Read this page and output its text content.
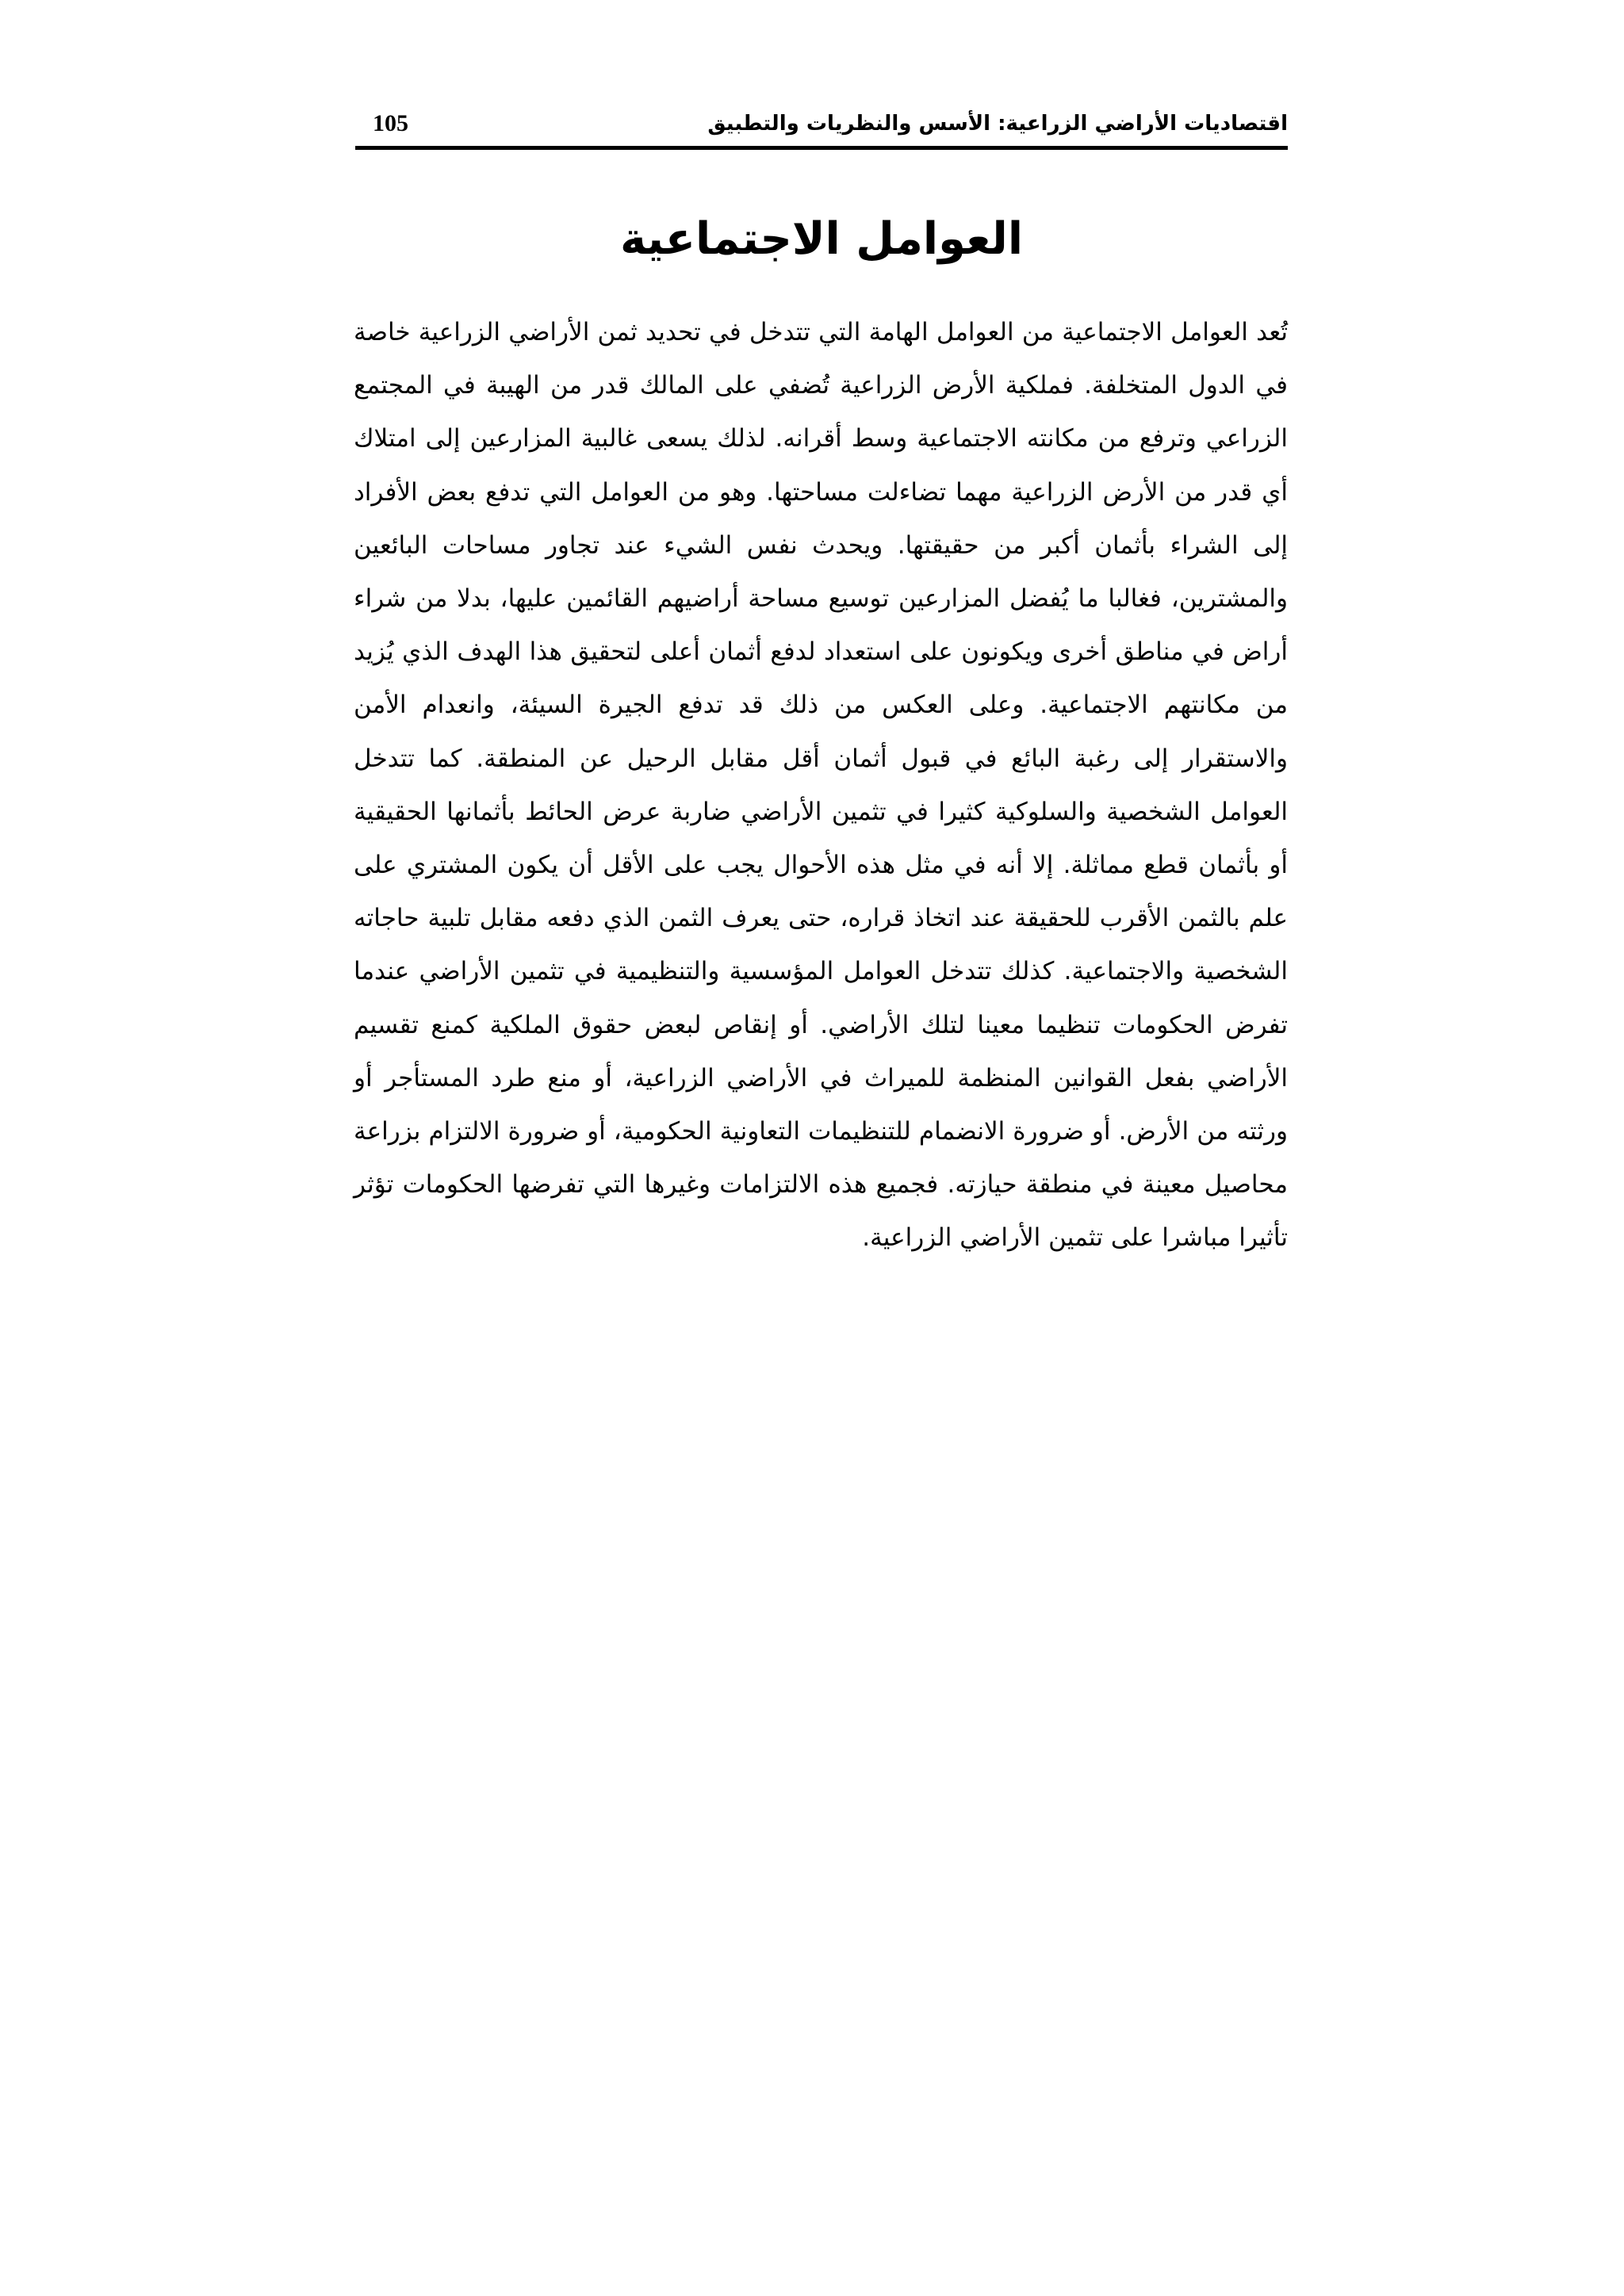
اقتصاديات الأراضي الزراعية: الأسس والنظريات والتطبيق
105
العوامل الاجتماعية

تُعد العوامل الاجتماعية من العوامل الهامة التي تتدخل في تحديد ثمن الأراضي الزراعية خاصة في الدول المتخلفة. فملكية الأرض الزراعية تُضفي على المالك قدر من الهيبة في المجتمع الزراعي وترفع من مكانته الاجتماعية وسط أقرانه. لذلك يسعى غالبية المزارعين إلى امتلاك أي قدر من الأرض الزراعية مهما تضاءلت مساحتها. وهو من العوامل التي تدفع بعض الأفراد إلى الشراء بأثمان أكبر من حقيقتها. ويحدث نفس الشيء عند تجاور مساحات البائعين والمشترين، فغالبا ما يُفضل المزارعين توسيع مساحة أراضيهم القائمين عليها، بدلا من شراء أراض في مناطق أخرى ويكونون على استعداد لدفع أثمان أعلى لتحقيق هذا الهدف الذي يُزيد من مكانتهم الاجتماعية. وعلى العكس من ذلك قد تدفع الجيرة السيئة، وانعدام الأمن والاستقرار إلى رغبة البائع في قبول أثمان أقل مقابل الرحيل عن المنطقة. كما تتدخل العوامل الشخصية والسلوكية كثيرا في تثمين الأراضي ضاربة عرض الحائط بأثمانها الحقيقية أو بأثمان قطع مماثلة. إلا أنه في مثل هذه الأحوال يجب على الأقل أن يكون المشتري على علم بالثمن الأقرب للحقيقة عند اتخاذ قراره، حتى يعرف الثمن الذي دفعه مقابل تلبية حاجاته الشخصية والاجتماعية. كذلك تتدخل العوامل المؤسسية والتنظيمية في تثمين الأراضي عندما تفرض الحكومات تنظيما معينا لتلك الأراضي. أو إنقاص لبعض حقوق الملكية كمنع تقسيم الأراضي بفعل القوانين المنظمة للميراث في الأراضي الزراعية، أو منع طرد المستأجر أو ورثته من الأرض. أو ضرورة الانضمام للتنظيمات التعاونية الحكومية، أو ضرورة الالتزام بزراعة محاصيل معينة في منطقة حيازته. فجميع هذه الالتزامات وغيرها التي تفرضها الحكومات تؤثر تأثيرا مباشرا على تثمين الأراضي الزراعية.
